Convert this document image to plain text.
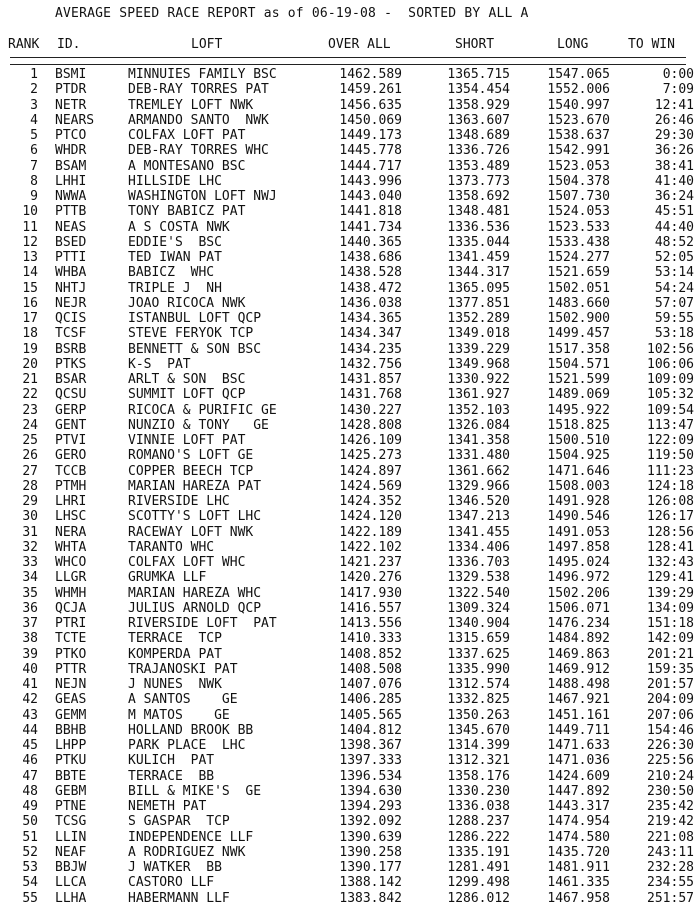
AVERAGE SPEED RACE REPORT as of 06-19-08 -  SORTED BY ALL A
RANK ID.	LOFT	OVER ALL	SHORT	LONG	TO WIN
1 BSMI	MINNUIES FAMILY BSC	1462.589	1365.715	1547.065	0:00
2 PTDR	DEB-RAY TORRES PAT	1459.261	1354.454	1552.006	7:09
3 NETR	TREMLEY LOFT NWK	1456.635	1358.929	1540.997	12:41
4 NEARS	ARMANDO SANTO  NWK	1450.069	1363.607	1523.670	26:46
5 PTCO	COLFAX LOFT PAT	1449.173	1348.689	1538.637	29:30
6 WHDR	DEB-RAY TORRES WHC	1445.778	1336.726	1542.991	36:26
7 BSAM	A MONTESANO BSC	1444.717	1353.489	1523.053	38:41
8 LHHI	HILLSIDE LHC	1443.996	1373.773	1504.378	41:40
9 NWWA	WASHINGTON LOFT NWJ	1443.040	1358.692	1507.730	36:24
10 PTTB	TONY BABICZ PAT	1441.818	1348.481	1524.053	45:51
11 NEAS	A S COSTA NWK	1441.734	1336.536	1523.533	44:40
12 BSED	EDDIE'S  BSC	1440.365	1335.044	1533.438	48:52
13 PTTI	TED IWAN PAT	1438.686	1341.459	1524.277	52:05
14 WHBA	BABICZ  WHC	1438.528	1344.317	1521.659	53:14
15 NHTJ	TRIPLE J  NH	1438.472	1365.095	1502.051	54:24
16 NEJR	JOAO RICOCA NWK	1436.038	1377.851	1483.660	57:07
17 QCIS	ISTANBUL LOFT QCP	1434.365	1352.289	1502.900	59:55
18 TCSF	STEVE FERYOK TCP	1434.347	1349.018	1499.457	53:18
19 BSRB	BENNETT & SON BSC	1434.235	1339.229	1517.358	102:56
20 PTKS	K-S  PAT	1432.756	1349.968	1504.571	106:06
21 BSAR	ARLT & SON  BSC	1431.857	1330.922	1521.599	109:09
22 QCSU	SUMMIT LOFT QCP	1431.768	1361.927	1489.069	105:32
23 GERP	RICOCA & PURIFIC GE	1430.227	1352.103	1495.922	109:54
24 GENT	NUNZIO & TONY   GE	1428.808	1326.084	1518.825	113:47
25 PTVI	VINNIE LOFT PAT	1426.109	1341.358	1500.510	122:09
26 GERO	ROMANO'S LOFT GE	1425.273	1331.480	1504.925	119:50
27 TCCB	COPPER BEECH TCP	1424.897	1361.662	1471.646	111:23
28 PTMH	MARIAN HAREZA PAT	1424.569	1329.966	1508.003	124:18
29 LHRI	RIVERSIDE LHC	1424.352	1346.520	1491.928	126:08
30 LHSC	SCOTTY'S LOFT LHC	1424.120	1347.213	1490.546	126:17
31 NERA	RACEWAY LOFT NWK	1422.189	1341.455	1491.053	128:56
32 WHTA	TARANTO WHC	1422.102	1334.406	1497.858	128:41
33 WHCO	COLFAX LOFT WHC	1421.237	1336.703	1495.024	132:43
34 LLGR	GRUMKA LLF	1420.276	1329.538	1496.972	129:41
35 WHMH	MARIAN HAREZA WHC	1417.930	1322.540	1502.206	139:29
36 QCJA	JULIUS ARNOLD QCP	1416.557	1309.324	1506.071	134:09
37 PTRI	RIVERSIDE LOFT  PAT	1413.556	1340.904	1476.234	151:18
38 TCTE	TERRACE  TCP	1410.333	1315.659	1484.892	142:09
39 PTKO	KOMPERDA PAT	1408.852	1337.625	1469.863	201:21
40 PTTR	TRAJANOSKI PAT	1408.508	1335.990	1469.912	159:35
41 NEJN	J NUNES  NWK	1407.076	1312.574	1488.498	201:57
42 GEAS	A SANTOS    GE	1406.285	1332.825	1467.921	204:09
43 GEMM	M MATOS    GE	1405.565	1350.263	1451.161	207:06
44 BBHB	HOLLAND BROOK BB	1404.812	1345.670	1449.711	154:46
45 LHPP	PARK PLACE  LHC	1398.367	1314.399	1471.633	226:30
46 PTKU	KULICH  PAT	1397.333	1312.321	1471.036	225:56
47 BBTE	TERRACE  BB	1396.534	1358.176	1424.609	210:24
48 GEBM	BILL & MIKE'S  GE	1394.630	1330.230	1447.892	230:50
49 PTNE	NEMETH PAT	1394.293	1336.038	1443.317	235:42
50 TCSG	S GASPAR  TCP	1392.092	1288.237	1474.954	219:42
51 LLIN	INDEPENDENCE LLF	1390.639	1286.222	1474.580	221:08
52 NEAF	A RODRIGUEZ NWK	1390.258	1335.191	1435.720	243:11
53 BBJW	J WATKER  BB	1390.177	1281.491	1481.911	232:28
54 LLCA	CASTORO LLF	1388.142	1299.498	1461.335	234:55
55 LLHA	HABERMANN LLF	1383.842	1286.012	1467.958	251:57
